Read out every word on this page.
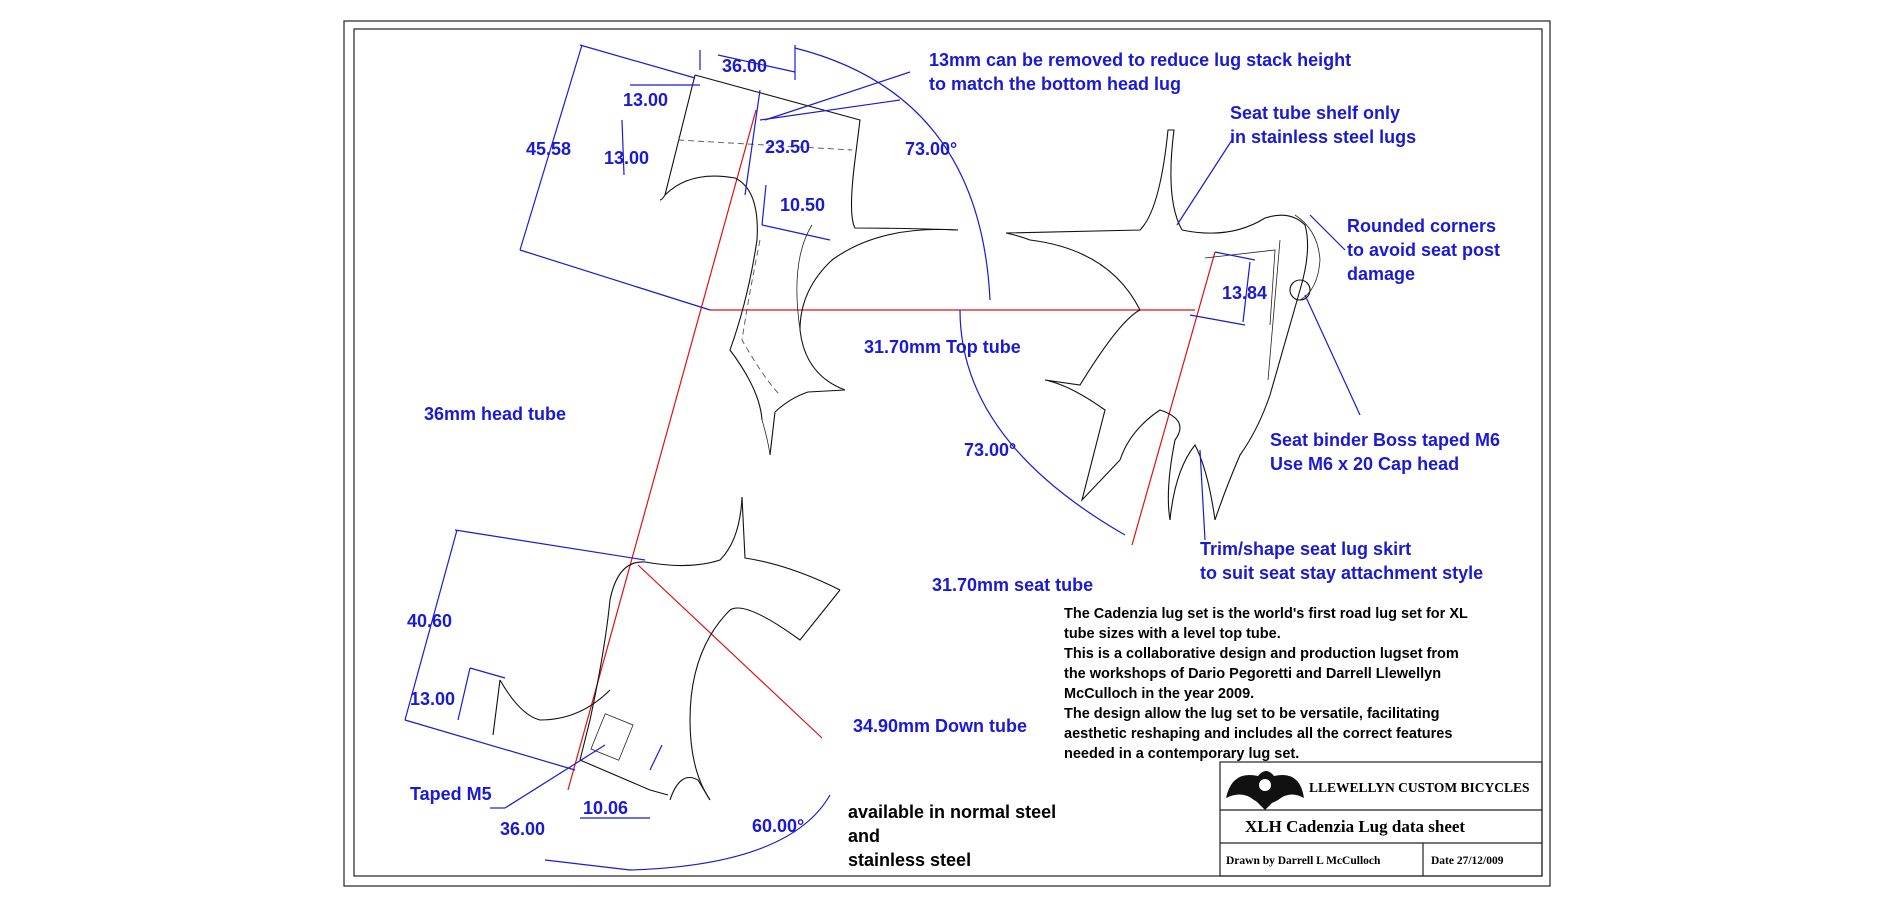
36.00
13.00
13.00
45.58	23.50
10.50
73.00°
13.84
73.00°
40.60
13.00
10.06
36.00	60.00°
13mm can be removed to reduce lug stack height
to match the bottom head lug
Seat tube shelf only
in stainless steel lugs
Rounded corners
to avoid seat post
damage
31.70mm Top tube
36mm head tube
Seat binder Boss taped M6
Use M6 x 20 Cap head
Trim/shape seat lug skirt
to suit seat stay attachment style
31.70mm seat tube
34.90mm Down tube
Taped M5
The Cadenzia lug set is the world's first road lug set for XL
tube sizes with a level top tube.
This is a collaborative design and production lugset from
the workshops of Dario Pegoretti and Darrell Llewellyn
McCulloch in the year 2009.
The design allow the lug set to be versatile, facilitating
aesthetic reshaping and includes all the correct features
needed in a contemporary lug set.
available in normal steel
and
stainless steel
LLEWELLYN CUSTOM BICYCLES
XLH Cadenzia Lug data sheet
Drawn by Darrell L McCulloch	Date 27/12/009
